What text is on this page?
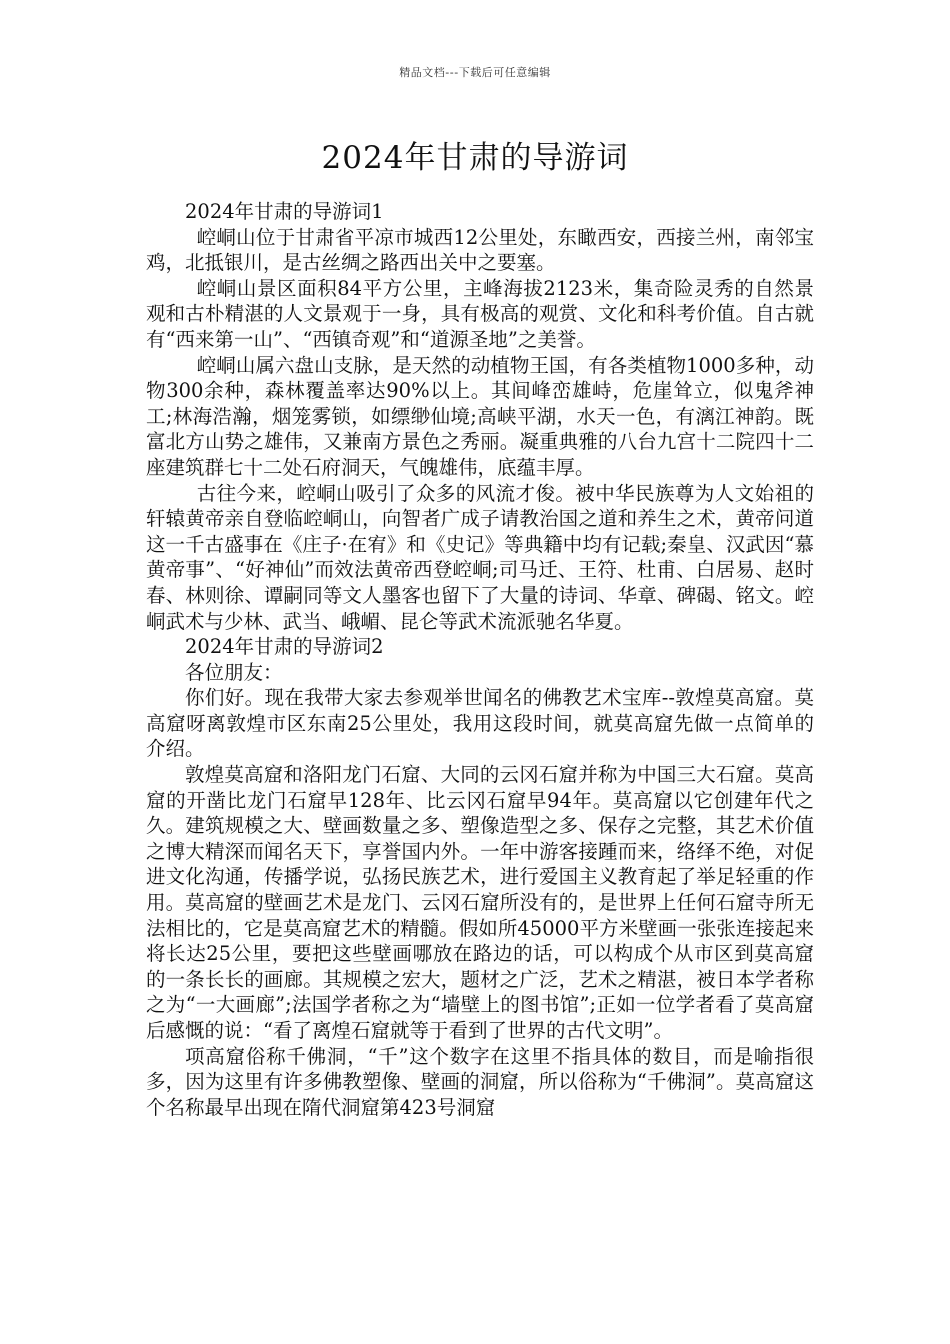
精品文档---下载后可任意编辑
2024年甘肃的导游词

2024年甘肃的导游词1

崆峒山位于甘肃省平凉市城西12公里处，东瞰西安，西接兰州，南邻宝鸡，北抵银川，是古丝绸之路西出关中之要塞。

崆峒山景区面积84平方公里，主峰海拔2123米，集奇险灵秀的自然景观和古朴精湛的人文景观于一身，具有极高的观赏、文化和科考价值。自古就有“西来第一山”、“西镇奇观”和“道源圣地”之美誉。

崆峒山属六盘山支脉，是天然的动植物王国，有各类植物1000多种，动物300余种，森林覆盖率达90%以上。其间峰峦雄峙，危崖耸立，似鬼斧神工;林海浩瀚，烟笼雾锁，如缥缈仙境;高峡平湖，水天一色，有漓江神韵。既富北方山势之雄伟，又兼南方景色之秀丽。凝重典雅的八台九宫十二院四十二座建筑群七十二处石府洞天，气魄雄伟，底蕴丰厚。

古往今来，崆峒山吸引了众多的风流才俊。被中华民族尊为人文始祖的轩辕黄帝亲自登临崆峒山，向智者广成子请教治国之道和养生之术，黄帝问道这一千古盛事在《庄子·在宥》和《史记》等典籍中均有记载;秦皇、汉武因“慕黄帝事”、“好神仙”而效法黄帝西登崆峒;司马迁、王符、杜甫、白居易、赵时春、林则徐、谭嗣同等文人墨客也留下了大量的诗词、华章、碑碣、铭文。崆峒武术与少林、武当、峨嵋、昆仑等武术流派驰名华夏。

2024年甘肃的导游词2

各位朋友：

你们好。现在我带大家去参观举世闻名的佛教艺术宝库--敦煌莫高窟。莫高窟呀离敦煌市区东南25公里处，我用这段时间，就莫高窟先做一点简单的介绍。

敦煌莫高窟和洛阳龙门石窟、大同的云冈石窟并称为中国三大石窟。莫高窟的开凿比龙门石窟早128年、比云冈石窟早94年。莫高窟以它创建年代之久。建筑规模之大、壁画数量之多、塑像造型之多、保存之完整，其艺术价值之博大精深而闻名天下，享誉国内外。一年中游客接踵而来，络绎不绝，对促进文化沟通，传播学说，弘扬民族艺术，进行爱国主义教育起了举足轻重的作用。莫高窟的壁画艺术是龙门、云冈石窟所没有的，是世界上任何石窟寺所无法相比的，它是莫高窟艺术的精髓。假如所45000平方米壁画一张张连接起来将长达25公里，要把这些壁画哪放在路边的话，可以构成个从市区到莫高窟的一条长长的画廊。其规模之宏大，题材之广泛，艺术之精湛，被日本学者称之为“一大画廊”;法国学者称之为“墙壁上的图书馆”;正如一位学者看了莫高窟后感慨的说：“看了离煌石窟就等于看到了世界的古代文明”。

项高窟俗称千佛洞，“千”这个数字在这里不指具体的数目，而是喻指很多，因为这里有许多佛教塑像、壁画的洞窟，所以俗称为“千佛洞”。莫高窟这个名称最早出现在隋代洞窟第423号洞窟
